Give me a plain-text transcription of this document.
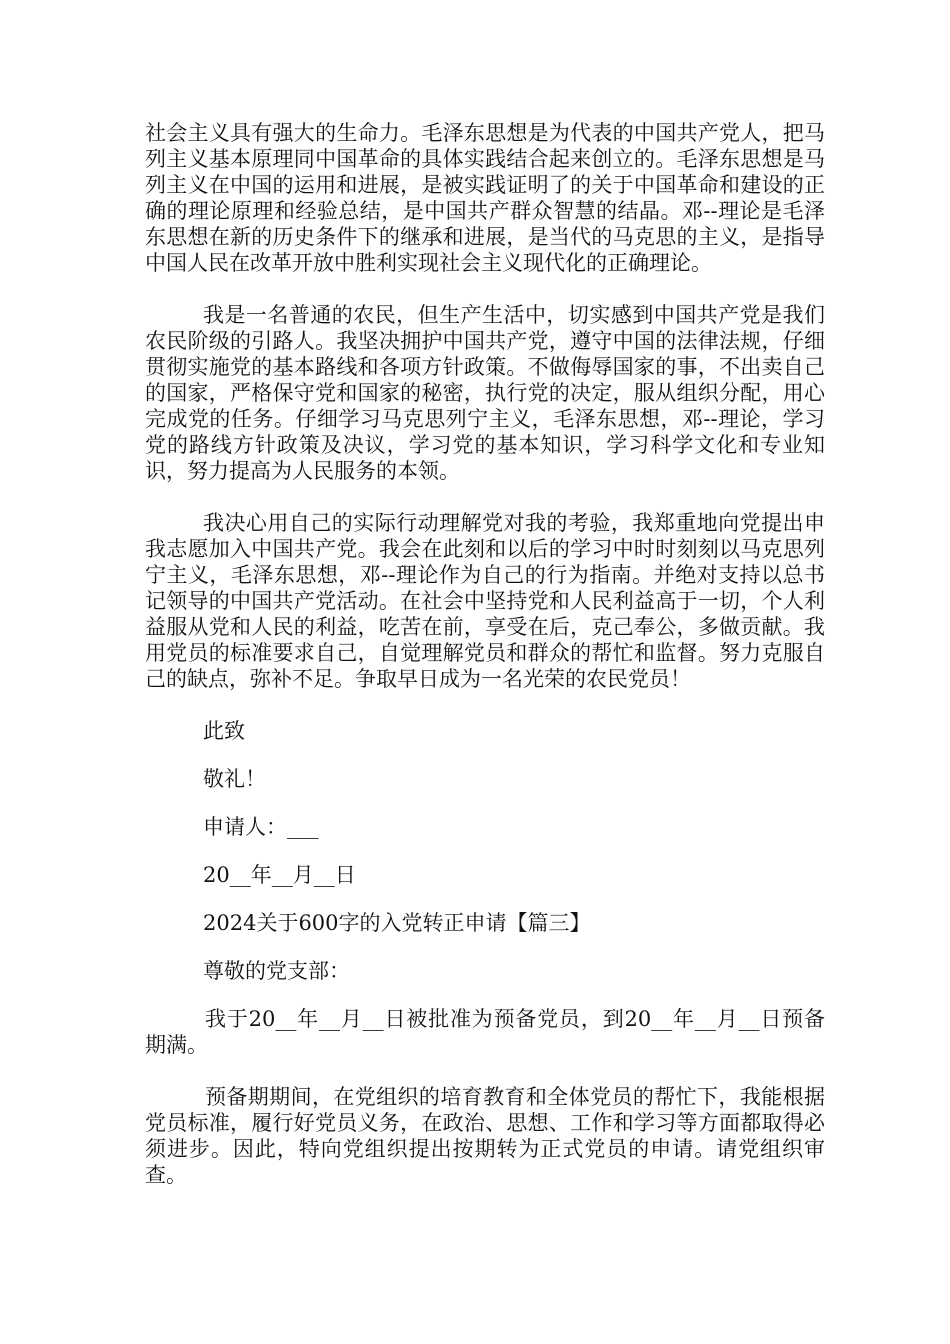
社会主义具有强大的生命力。毛泽东思想是为代表的中国共产党人，把马列主义基本原理同中国革命的具体实践结合起来创立的。毛泽东思想是马列主义在中国的运用和进展，是被实践证明了的关于中国革命和建设的正确的理论原理和经验总结，是中国共产群众智慧的结晶。邓--理论是毛泽东思想在新的历史条件下的继承和进展，是当代的马克思的主义，是指导中国人民在改革开放中胜利实现社会主义现代化的正确理论。

我是一名普通的农民，但生产生活中，切实感到中国共产党是我们农民阶级的引路人。我坚决拥护中国共产党，遵守中国的法律法规，仔细贯彻实施党的基本路线和各项方针政策。不做侮辱国家的事，不出卖自己的国家，严格保守党和国家的秘密，执行党的决定，服从组织分配，用心完成党的任务。仔细学习马克思列宁主义，毛泽东思想，邓--理论，学习党的路线方针政策及决议，学习党的基本知识，学习科学文化和专业知识，努力提高为人民服务的本领。

我决心用自己的实际行动理解党对我的考验，我郑重地向党提出申我志愿加入中国共产党。我会在此刻和以后的学习中时时刻刻以马克思列宁主义，毛泽东思想，邓--理论作为自己的行为指南。并绝对支持以总书记领导的中国共产党活动。在社会中坚持党和人民利益高于一切，个人利益服从党和人民的利益，吃苦在前，享受在后，克己奉公，多做贡献。我用党员的标准要求自己，自觉理解党员和群众的帮忙和监督。努力克服自己的缺点，弥补不足。争取早日成为一名光荣的农民党员！

此致

敬礼！

申请人：___

20__年__月__日

2024关于600字的入党转正申请【篇三】

尊敬的党支部：

我于20__年__月__日被批准为预备党员，到20__年__月__日预备期满。

预备期期间，在党组织的培育教育和全体党员的帮忙下，我能根据党员标准，履行好党员义务，在政治、思想、工作和学习等方面都取得必须进步。因此，特向党组织提出按期转为正式党员的申请。请党组织审查。
